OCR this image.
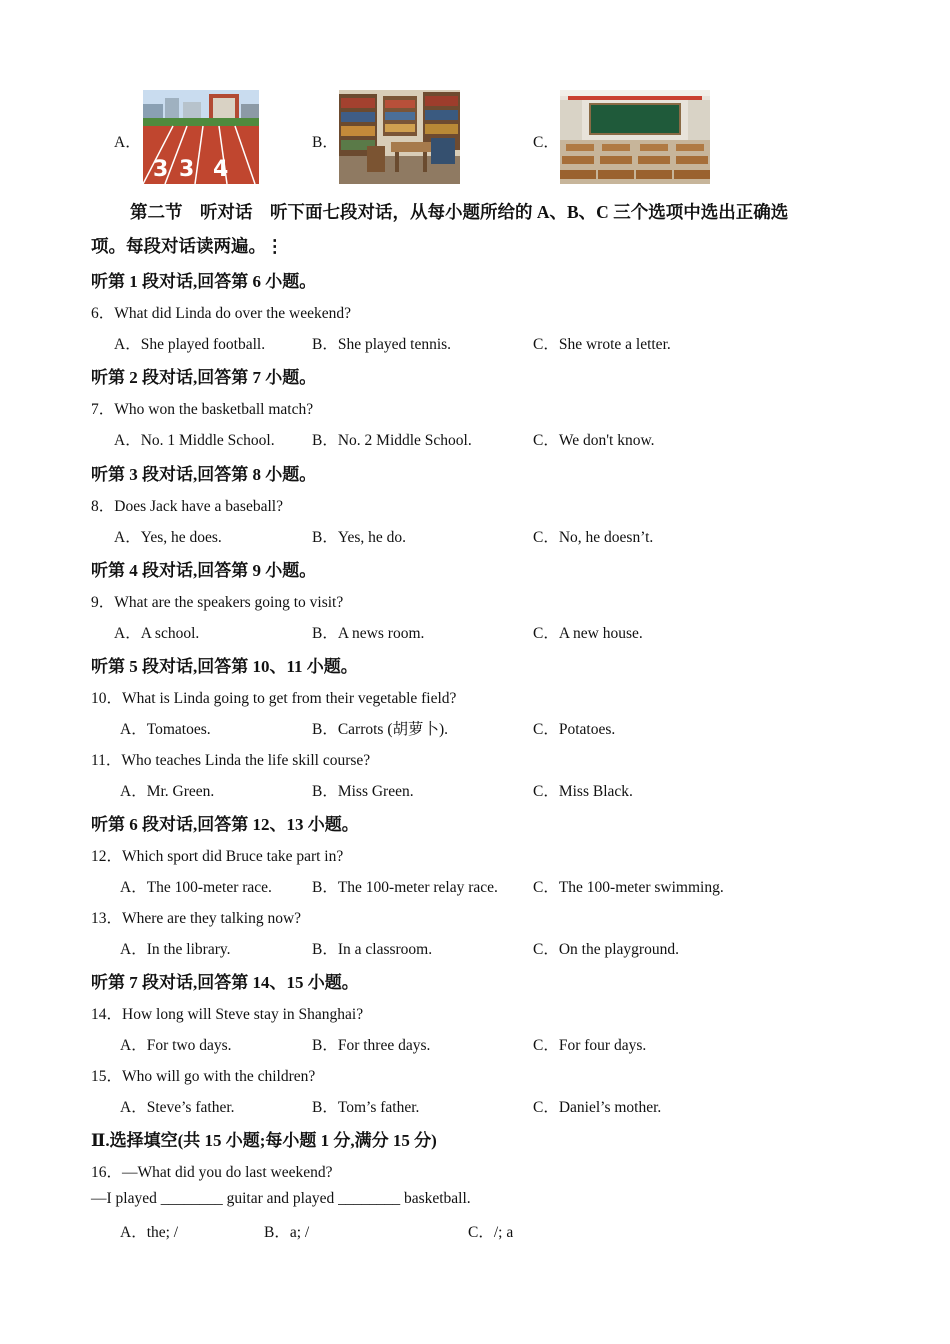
A．
3 3 4
B．	C．
第二节　听对话　听下面七段对话，从每小题所给的 A、B、C 三个选项中选出正确选
项。每段对话读两遍。⋮
听第 1 段对话,回答第 6 小题。
6．What did Linda do over the weekend?
A．She played football.	B．She played tennis.	C．She wrote a letter.
听第 2 段对话,回答第 7 小题。
7．Who won the basketball match?
A．No. 1 Middle School. B．No. 2 Middle School.	C．We don't know.
听第 3 段对话,回答第 8 小题。
8．Does Jack have a baseball?
A．Yes, he does.	B．Yes, he do.	C．No, he doesn’t.
听第 4 段对话,回答第 9 小题。
9．What are the speakers going to visit?
A．A school.	B．A news room.	C．A new house.
听第 5 段对话,回答第 10、11 小题。
10．What is Linda going to get from their vegetable field?
A．Tomatoes.	B．Carrots (胡萝卜).	C．Potatoes.
11．Who teaches Linda the life skill course?
A．Mr. Green.	B．Miss Green.	C．Miss Black.
听第 6 段对话,回答第 12、13 小题。
12．Which sport did Bruce take part in?
A．The 100-meter race.	B．The 100-meter relay race. C．The 100-meter swimming.
13．Where are they talking now?
A．In the library.	B．In a classroom.	C．On the playground.
听第 7 段对话,回答第 14、15 小题。
14．How long will Steve stay in Shanghai?
A．For two days.	B．For three days.	C．For four days.
15．Who will go with the children?
A．Steve’s father.	B．Tom’s father.	C．Daniel’s mother.
Ⅱ.选择填空(共 15 小题;每小题 1 分,满分 15 分)
16．—What did you do last weekend?
—I played ________ guitar and played ________ basketball.
A．the; /	B．a; /	C．/; a
